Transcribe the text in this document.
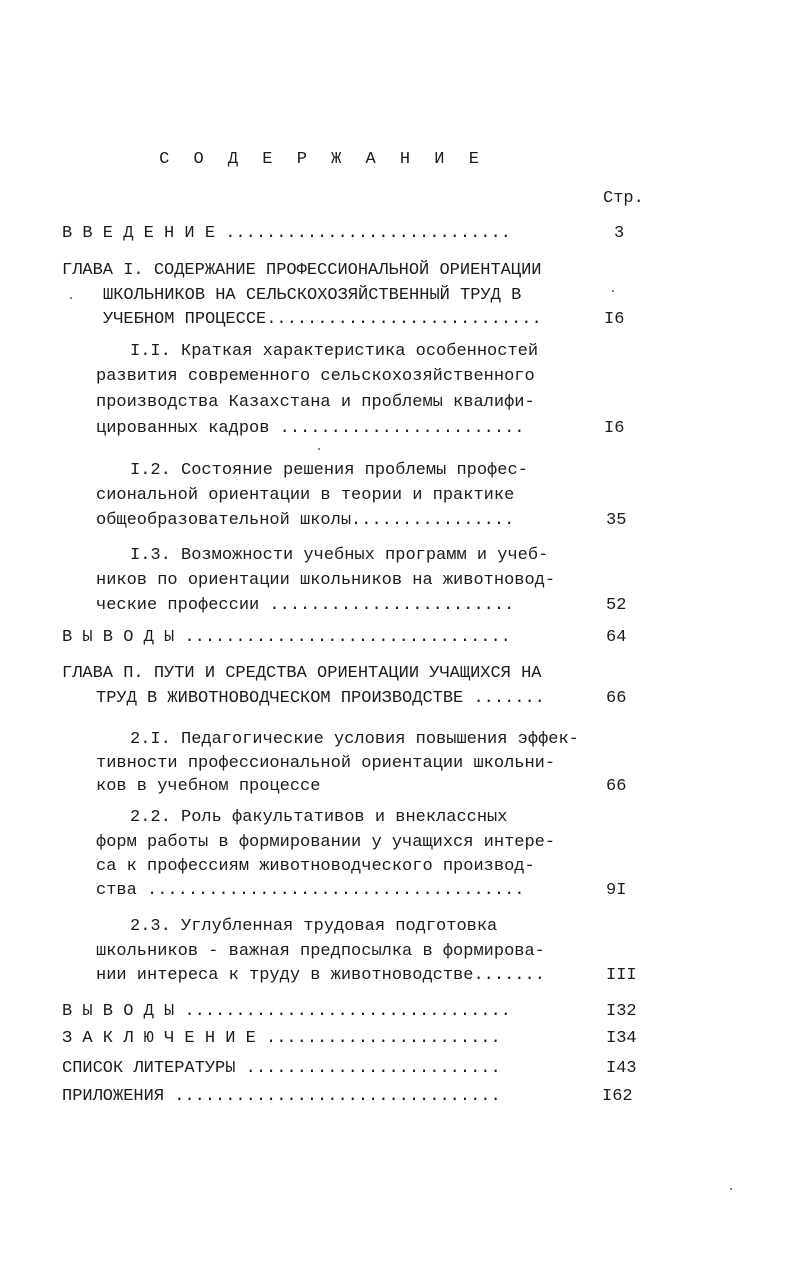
С О Д Е Р Ж А Н И Е
Стр.
В В Е Д Е Н И Е ............................	3
ГЛАВА I. СОДЕРЖАНИЕ ПРОФЕССИОНАЛЬНОЙ ОРИЕНТАЦИИ
ШКОЛЬНИКОВ НА СЕЛЬСКОХОЗЯЙСТВЕННЫЙ ТРУД В
УЧЕБНОМ ПРОЦЕССЕ...........................	I6
I.I. Краткая характеристика особенностей
развития современного сельскохозяйственного
производства Казахстана и проблемы квалифи-
цированных кадров ........................	I6
I.2. Состояние решения проблемы профес-
сиональной ориентации в теории и практике
общеобразовательной школы................	35
I.3. Возможности учебных программ и учеб-
ников по ориентации школьников на животновод-
ческие профессии ........................	52
В Ы В О Д Ы ................................	64
ГЛАВА П. ПУТИ И СРЕДСТВА ОРИЕНТАЦИИ УЧАЩИХСЯ НА
ТРУД В ЖИВОТНОВОДЧЕСКОМ ПРОИЗВОДСТВЕ .......	66
2.I. Педагогические условия повышения эффек-
тивности профессиональной ориентации школьни-
ков в учебном процессе	66
2.2. Роль факультативов и внеклассных
форм работы в формировании у учащихся интере-
са к профессиям животноводческого производ-
ства .....................................	9I
2.3. Углубленная трудовая подготовка
школьников - важная предпосылка в формирова-
нии интереса к труду в животноводстве.......	III
В Ы В О Д Ы ................................	I32
З А К Л Ю Ч Е Н И Е .......................	I34
СПИСОК ЛИТЕРАТУРЫ .........................	I43
ПРИЛОЖЕНИЯ ................................	I62
